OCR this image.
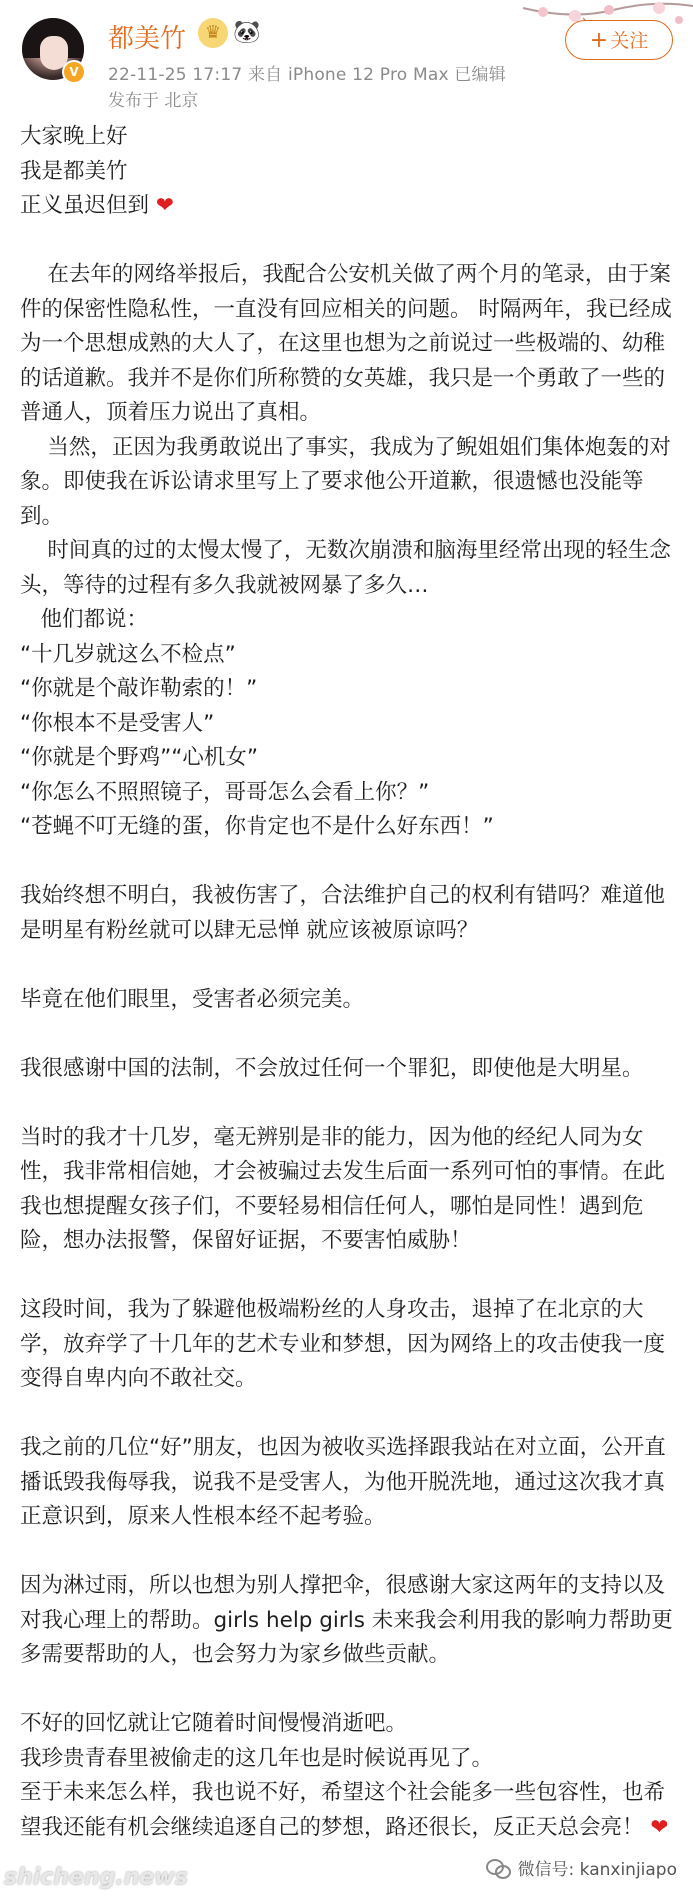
V
都美竹	♛ 🐼
22-11-25 17:17 来自 iPhone 12 Pro Max 已编辑
发布于 北京
+ 关注

大家晚上好

我是都美竹

正义虽迟但到 ❤

在去年的网络举报后，我配合公安机关做了两个月的笔录，由于案件的保密性隐私性，一直没有回应相关的问题。 时隔两年，我已经成为一个思想成熟的大人了，在这里也想为之前说过一些极端的、幼稚的话道歉。我并不是你们所称赞的女英雄，我只是一个勇敢了一些的普通人，顶着压力说出了真相。

当然，正因为我勇敢说出了事实，我成为了鲵姐姐们集体炮轰的对象。即使我在诉讼请求里写上了要求他公开道歉，很遗憾也没能等到。

时间真的过的太慢太慢了，无数次崩溃和脑海里经常出现的轻生念头，等待的过程有多久我就被网暴了多久…

他们都说：

“十几岁就这么不检点”

“你就是个敲诈勒索的！”

“你根本不是受害人”

“你就是个野鸡”“心机女”

“你怎么不照照镜子，哥哥怎么会看上你？”

“苍蝇不叮无缝的蛋，你肯定也不是什么好东西！”

我始终想不明白，我被伤害了，合法维护自己的权利有错吗？难道他是明星有粉丝就可以肆无忌惮 就应该被原谅吗？

毕竟在他们眼里，受害者必须完美。

我很感谢中国的法制，不会放过任何一个罪犯，即使他是大明星。

当时的我才十几岁，毫无辨别是非的能力，因为他的经纪人同为女性，我非常相信她，才会被骗过去发生后面一系列可怕的事情。在此我也想提醒女孩子们，不要轻易相信任何人，哪怕是同性！遇到危险，想办法报警，保留好证据，不要害怕威胁！

这段时间，我为了躲避他极端粉丝的人身攻击，退掉了在北京的大学，放弃学了十几年的艺术专业和梦想，因为网络上的攻击使我一度变得自卑内向不敢社交。

我之前的几位“好”朋友，也因为被收买选择跟我站在对立面，公开直播诋毁我侮辱我，说我不是受害人，为他开脱洗地，通过这次我才真正意识到，原来人性根本经不起考验。

因为淋过雨，所以也想为别人撑把伞，很感谢大家这两年的支持以及对我心理上的帮助。girls help girls 未来我会利用我的影响力帮助更多需要帮助的人，也会努力为家乡做些贡献。

不好的回忆就让它随着时间慢慢消逝吧。

我珍贵青春里被偷走的这几年也是时候说再见了。

至于未来怎么样，我也说不好，希望这个社会能多一些包容性，也希望我还能有机会继续追逐自己的梦想，路还很长，反正天总会亮！ ❤

shicheng.news	微信号: kanxinjiapo
